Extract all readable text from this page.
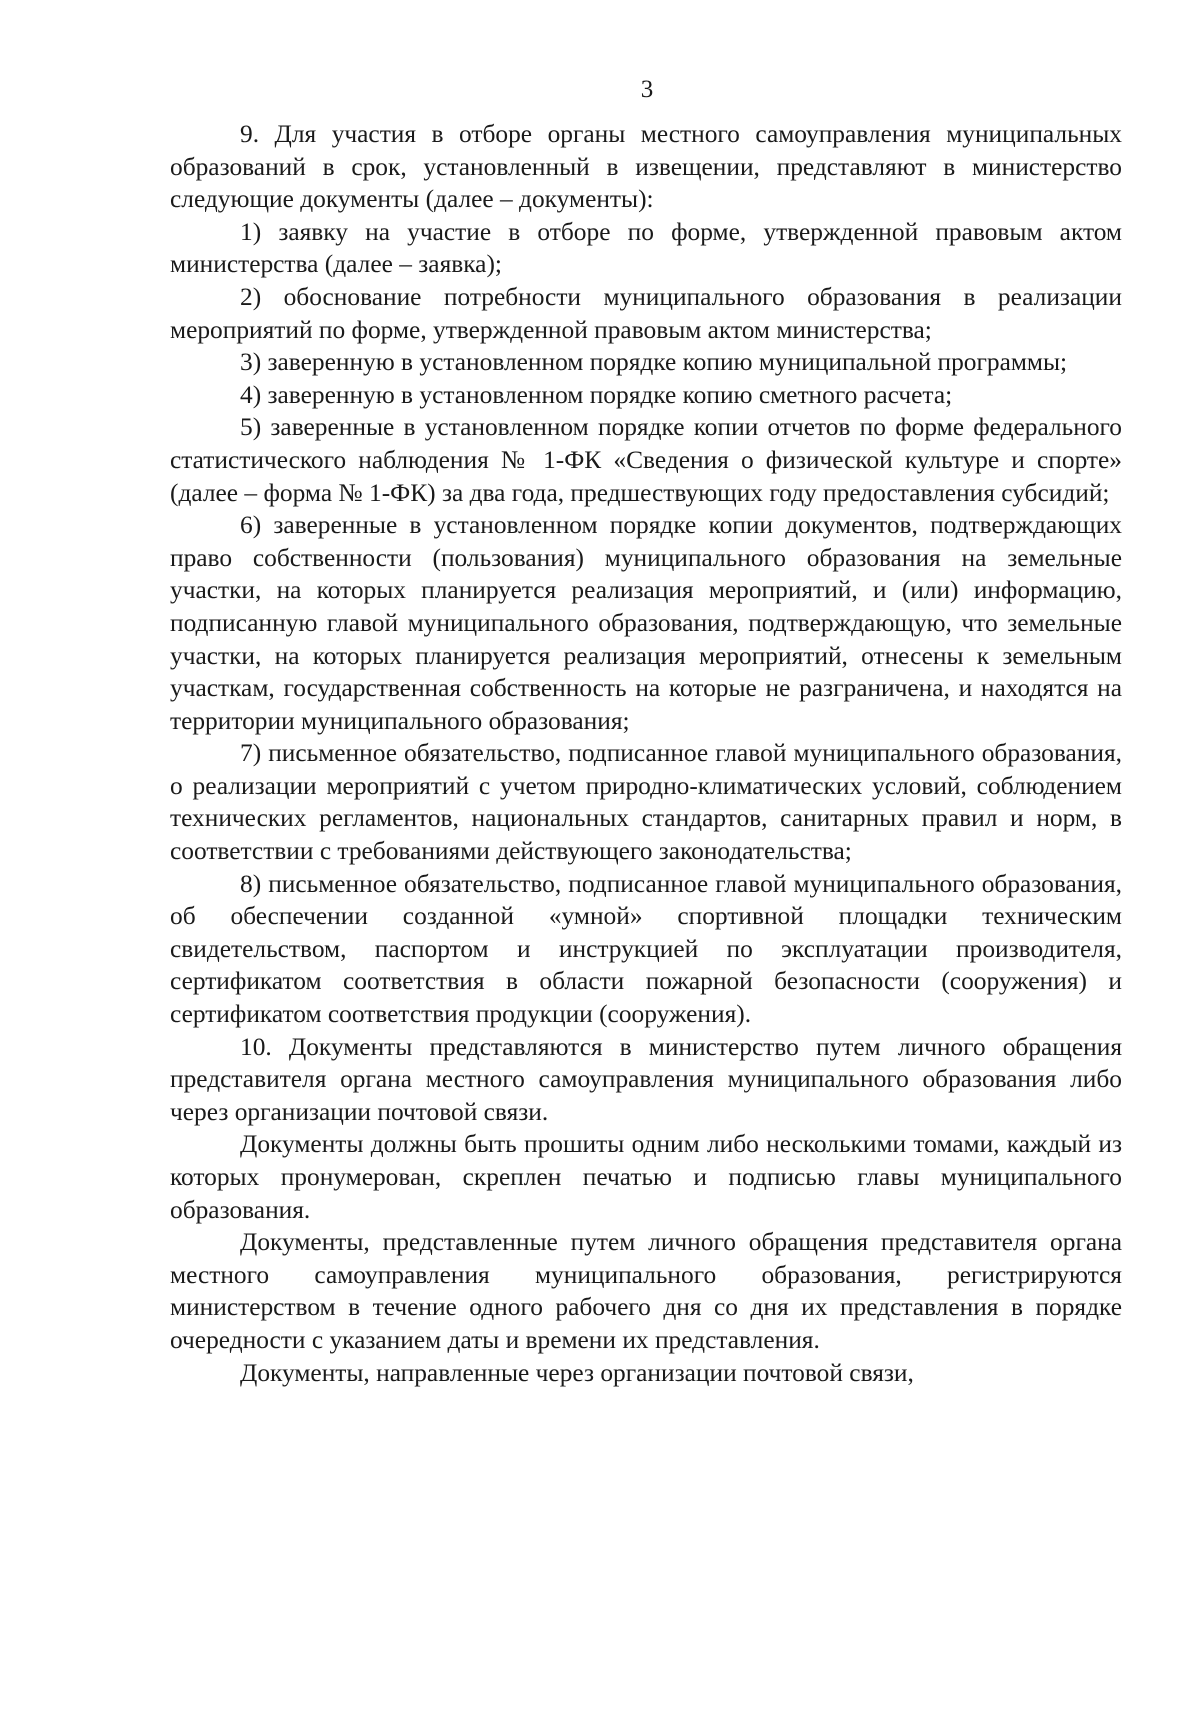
3

9. Для участия в отборе органы местного самоуправления муниципальных образований в срок, установленный в извещении, представляют в министерство следующие документы (далее – документы):

1) заявку на участие в отборе по форме, утвержденной правовым актом министерства (далее – заявка);

2) обоснование потребности муниципального образования в реализации мероприятий по форме, утвержденной правовым актом министерства;

3) заверенную в установленном порядке копию муниципальной программы;

4) заверенную в установленном порядке копию сметного расчета;

5) заверенные в установленном порядке копии отчетов по форме федерального статистического наблюдения № 1-ФК «Сведения о физической культуре и спорте» (далее – форма № 1-ФК) за два года, предшествующих году предоставления субсидий;

6) заверенные в установленном порядке копии документов, подтверждающих право собственности (пользования) муниципального образования на земельные участки, на которых планируется реализация мероприятий, и (или) информацию, подписанную главой муниципального образования, подтверждающую, что земельные участки, на которых планируется реализация мероприятий, отнесены к земельным участкам, государственная собственность на которые не разграничена, и находятся на территории муниципального образования;

7) письменное обязательство, подписанное главой муниципального образования, о реализации мероприятий с учетом природно-климатических условий, соблюдением технических регламентов, национальных стандартов, санитарных правил и норм, в соответствии с требованиями действующего законодательства;

8) письменное обязательство, подписанное главой муниципального образования, об обеспечении созданной «умной» спортивной площадки техническим свидетельством, паспортом и инструкцией по эксплуатации производителя, сертификатом соответствия в области пожарной безопасности (сооружения) и сертификатом соответствия продукции (сооружения).

10. Документы представляются в министерство путем личного обращения представителя органа местного самоуправления муниципального образования либо через организации почтовой связи.

Документы должны быть прошиты одним либо несколькими томами, каждый из которых пронумерован, скреплен печатью и подписью главы муниципального образования.

Документы, представленные путем личного обращения представителя органа местного самоуправления муниципального образования, регистрируются министерством в течение одного рабочего дня со дня их представления в порядке очередности с указанием даты и времени их представления.

Документы, направленные через организации почтовой связи,
